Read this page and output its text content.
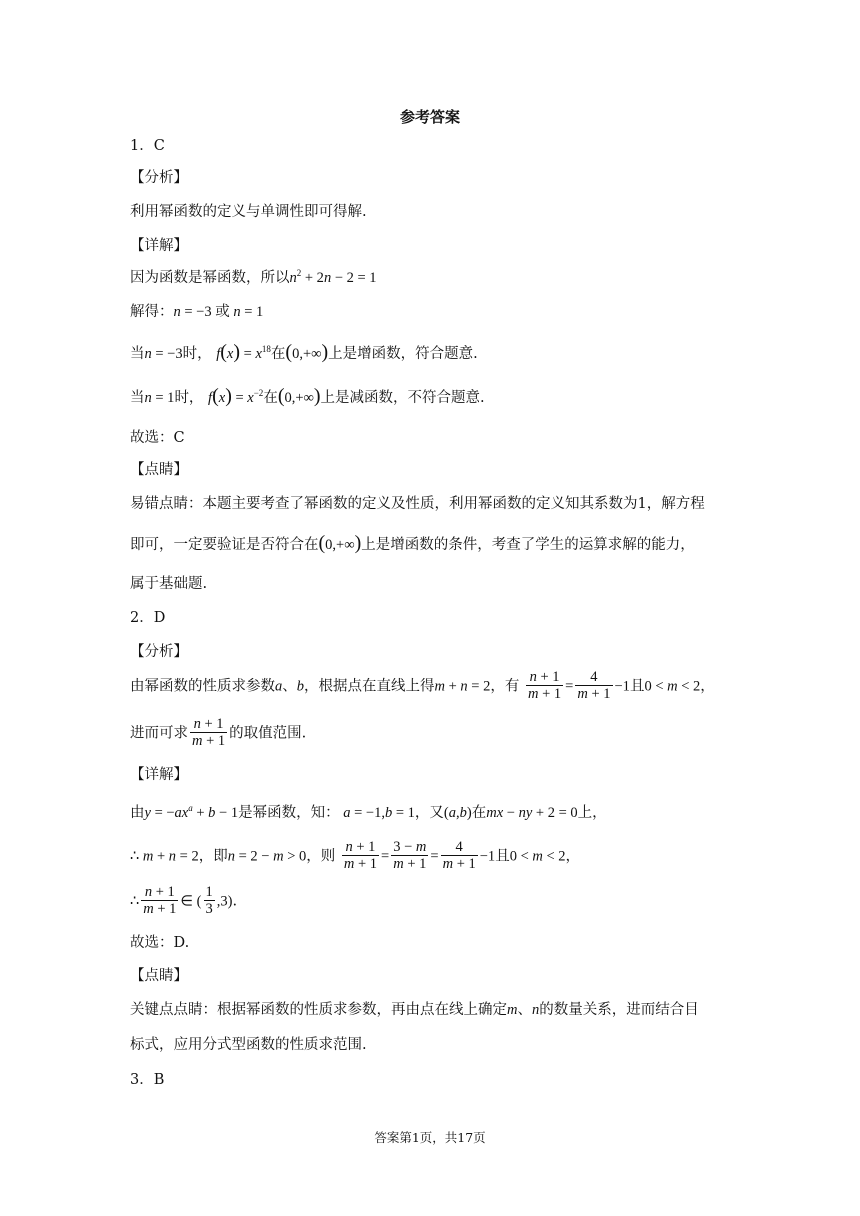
参考答案
1．C
【分析】
利用幂函数的定义与单调性即可得解.
【详解】
因为函数是幂函数，所以$n^2 + 2n - 2 = 1$
解得：n = −3 或 n = 1
当n = −3时， $f(x) = x^{18}$在(0,+∞)上是增函数，符合题意.
当n = 1时， $f(x) = x^{-2}$在(0,+∞)上是减函数，不符合题意.
故选：C
【点睛】
易错点睛：本题主要考查了幂函数的定义及性质，利用幂函数的定义知其系数为1，解方程
即可，一定要验证是否符合在(0,+∞)上是增函数的条件，考查了学生的运算求解的能力，
属于基础题.
2．D
【分析】
由幂函数的性质求参数a、b，根据点在直线上得m + n = 2，有 $\frac{n + 1}{m + 1} = \frac{4}{m + 1} -1$且0 < m < 2，
进而可求 $\frac{n + 1}{m + 1}$ 的取值范围.
【详解】
由$y = -ax^a + b - 1$是幂函数，知： a = −1,b = 1，又(a,b)在mx − ny + 2 = 0上，
∴ m + n = 2，即n = 2 − m > 0，则 $\frac{n + 1}{m + 1} = \frac{3 - m}{m + 1} = \frac{4}{m + 1} -1$且0 < m < 2，
∴ $\frac{n + 1}{m + 1}$ ∈ ( $\frac{1}{3} ,3$).
故选：D.
【点睛】
关键点点睛：根据幂函数的性质求参数，再由点在线上确定m、n的数量关系，进而结合目
标式，应用分式型函数的性质求范围.
3．B
答案第1页，共17页
